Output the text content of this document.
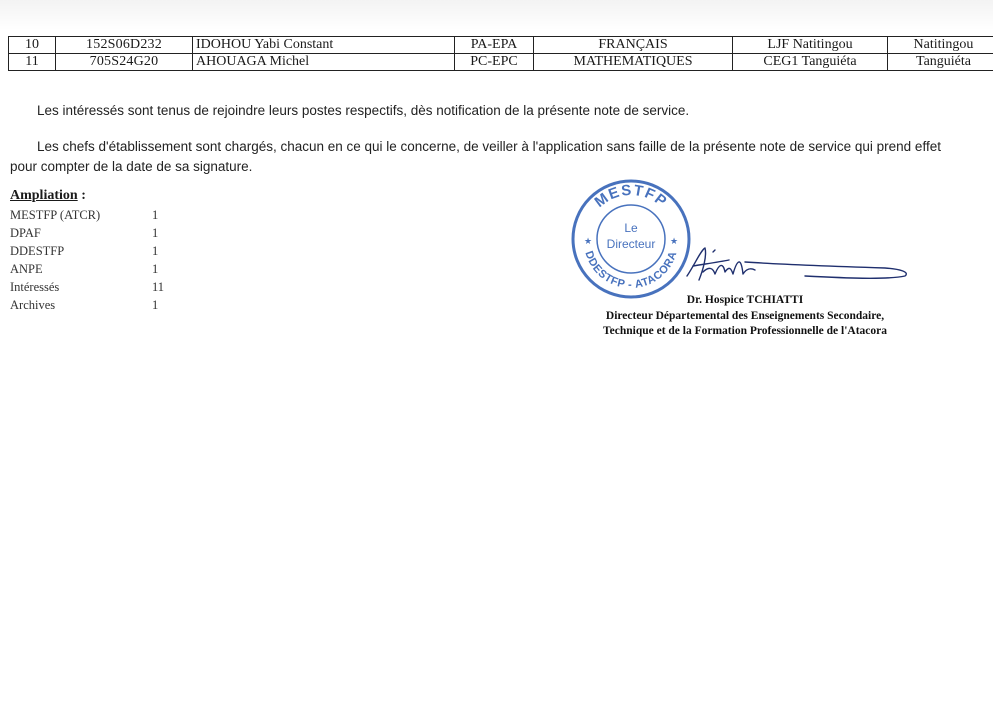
10	152S06D232	IDOHOU Yabi Constant	PA-EPA	FRANÇAIS	LJF Natitingou	Natitingou
11	705S24G20	AHOUAGA Michel	PC-EPC	MATHEMATIQUES	CEG1 Tanguiéta	Tanguiéta

Les intéressés sont tenus de rejoindre leurs postes respectifs, dès notification de la présente note de service.

Les chefs d'établissement sont chargés, chacun en ce qui le concerne, de veiller à l'application sans faille de la présente note de service qui prend effet pour compter de la date de sa signature.

Ampliation :
MESTFP (ATCR)	1
DPAF	1
DDESTFP	1
ANPE	1
Intéressés	11
Archives	1
MESTFP
DDESTFP - ATACORA
★	★
Le
Directeur
Dr. Hospice TCHIATTI
Directeur Départemental des Enseignements Secondaire,
Technique et de la Formation Professionnelle de l'Atacora
